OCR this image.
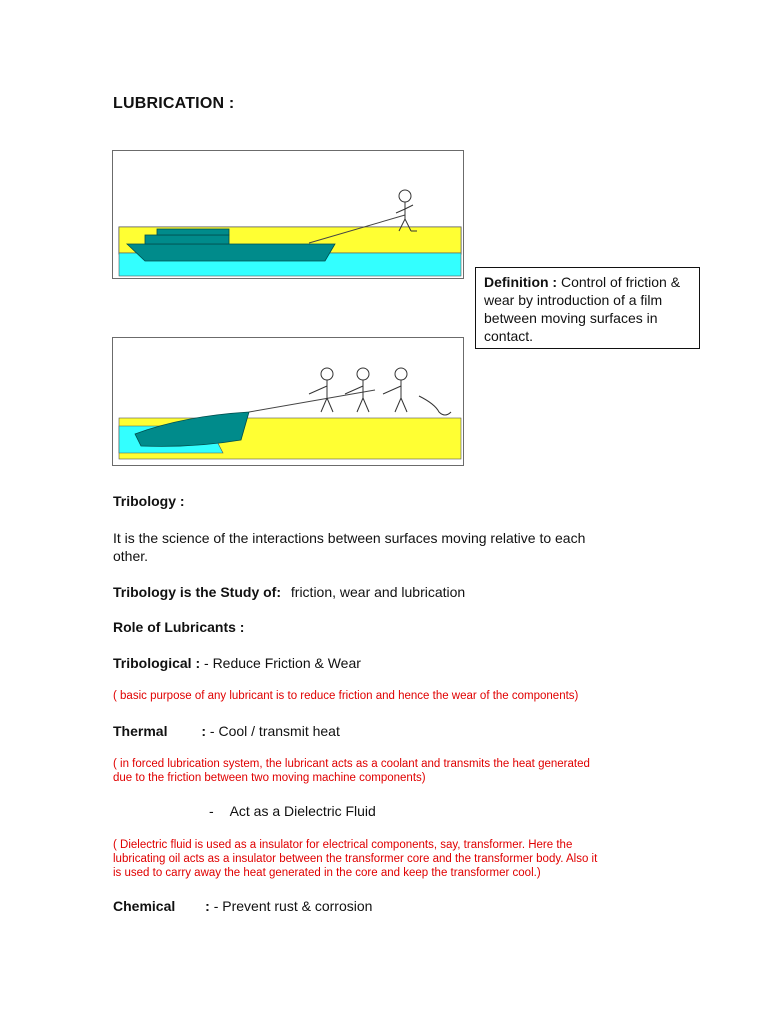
LUBRICATION :
Definition : Control of friction & wear by introduction of a film between moving surfaces in contact.
Tribology :
It is the science of the interactions between surfaces moving relative to each
other.
Tribology is the Study of: friction, wear and lubrication
Role of Lubricants :
Tribological : - Reduce Friction & Wear
( basic purpose of any lubricant is to reduce friction and hence the wear of the components)
Thermal : - Cool / transmit heat
( in forced lubrication system, the lubricant acts as a coolant and transmits the heat generated
due to the friction between two moving machine components)
- Act as a Dielectric Fluid
( Dielectric fluid is used as a insulator for electrical components, say, transformer. Here the
lubricating oil acts as a insulator between the transformer core and the transformer body. Also it
is used to carry away the heat generated in the core and keep the transformer cool.)
Chemical : - Prevent rust & corrosion
